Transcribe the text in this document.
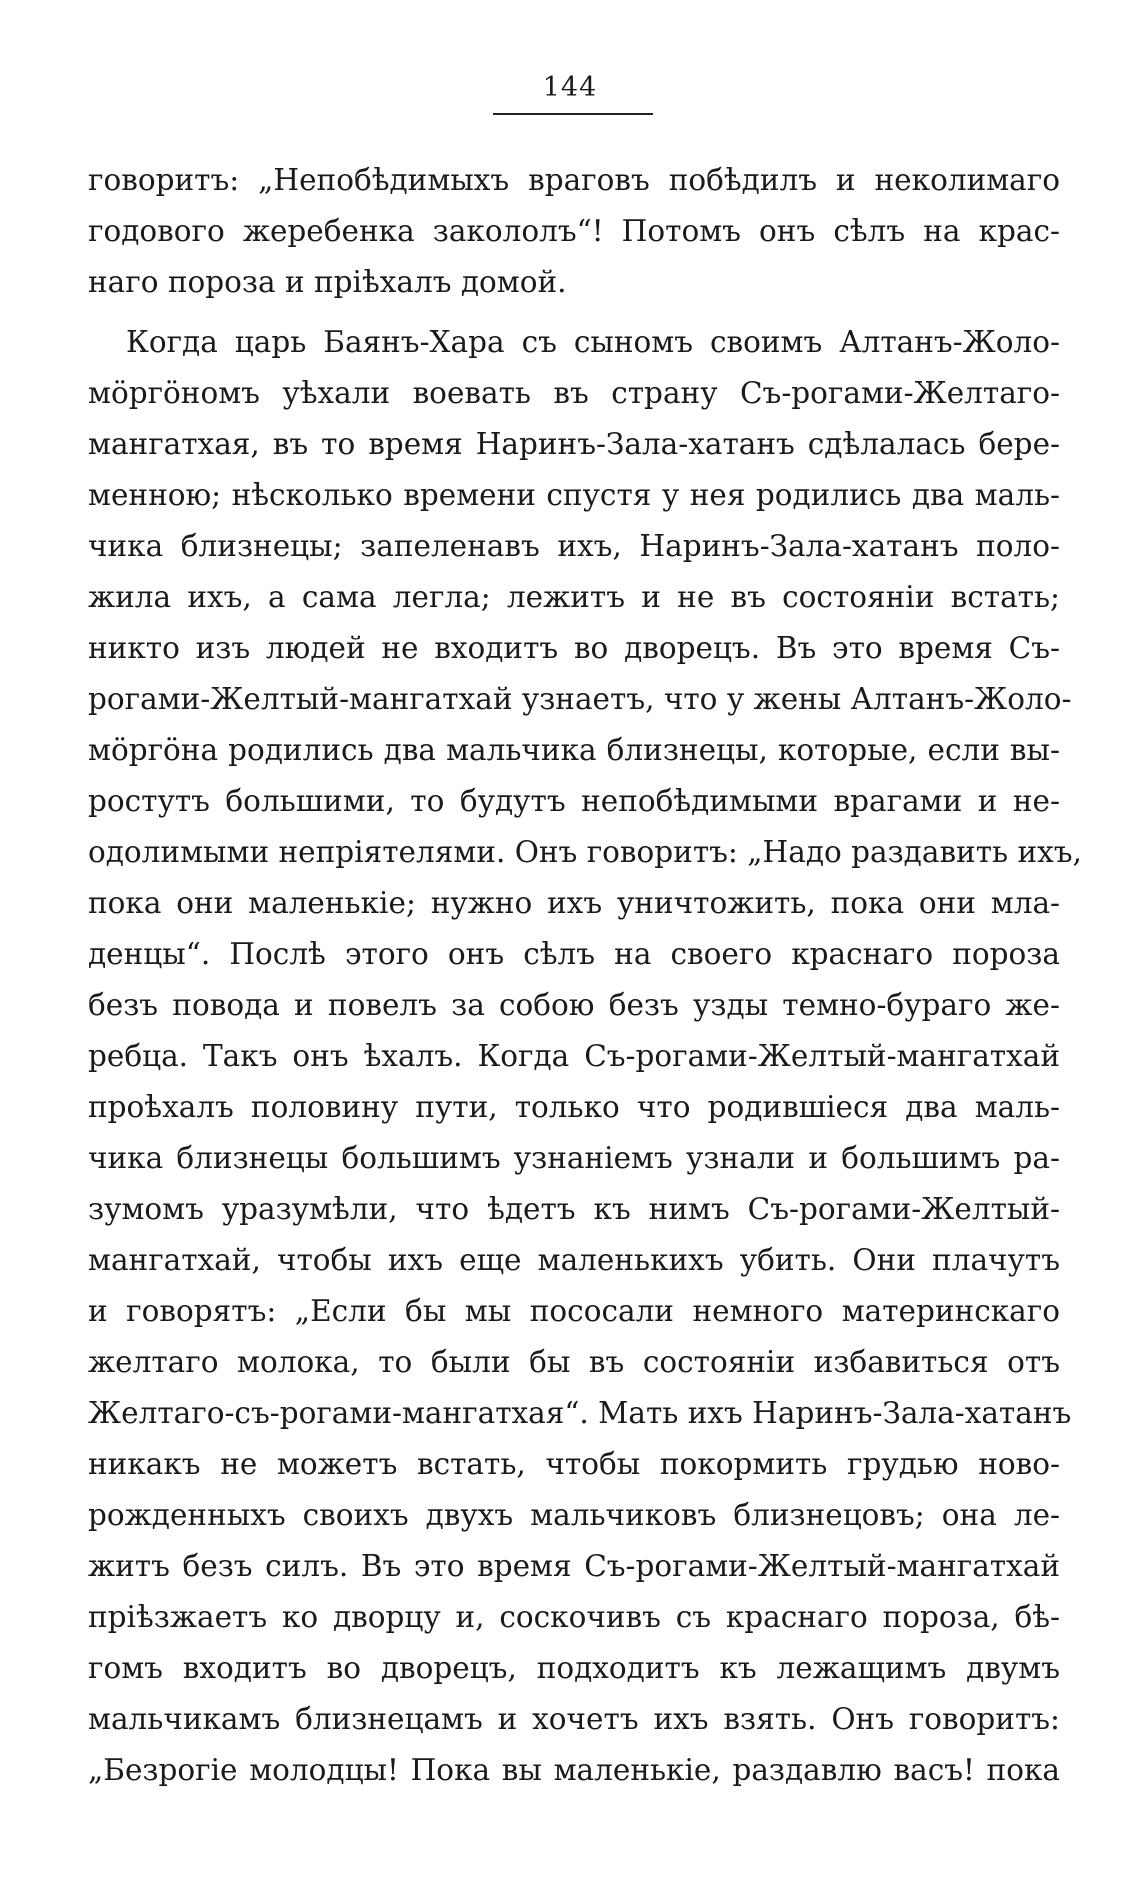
144
говоритъ: „Непобѣдимыхъ враговъ побѣдилъ и неколимаго
годового жеребенка заколoлъ“! Потомъ онъ сѣлъ на крас-
наго пороза и пріѣхалъ домой.
Когда царь Баянъ-Хара съ сыномъ своимъ Алтанъ-Жоло-
мöргöномъ уѣхали воевать въ страну Съ-рогами-Желтаго-
мангатхая, въ то время Наринъ-Зала-хатанъ сдѣлалась бере-
менною; нѣсколько времени спустя у нея родились два маль-
чика близнецы; запеленавъ ихъ, Наринъ-Зала-хатанъ поло-
жила ихъ, а сама легла; лежитъ и не въ состояніи встать;
никто изъ людей не входитъ во дворецъ. Въ это время Съ-
рогами-Желтый-мангатхай узнаетъ, что у жены Алтанъ-Жоло-
мöргöна родились два мальчика близнецы, которые, если вы-
ростутъ большими, то будутъ непобѣдимыми врагами и не-
одолимыми непріятелями. Онъ говоритъ: „Надо раздавить ихъ,
пока они маленькіе; нужно ихъ уничтожить, пока они мла-
денцы“. Послѣ этого онъ сѣлъ на своего краснаго пороза
безъ повода и повелъ за собою безъ узды темно-бураго же-
ребца. Такъ онъ ѣхалъ. Когда Съ-рогами-Желтый-мангатхай
проѣхалъ половину пути, только что родившіеся два маль-
чика близнецы большимъ узнаніемъ узнали и большимъ ра-
зумомъ уразумѣли, что ѣдетъ къ нимъ Съ-рогами-Желтый-
мангатхай, чтобы ихъ еще маленькихъ убить. Они плачутъ
и говорятъ: „Если бы мы пососали немного материнскаго
желтаго молока, то были бы въ состояніи избавиться отъ
Желтаго-съ-рогами-мангатхая“. Мать ихъ Наринъ-Зала-хатанъ
никакъ не можетъ встать, чтобы покормить грудью ново-
рожденныхъ своихъ двухъ мальчиковъ близнецовъ; она ле-
житъ безъ силъ. Въ это время Съ-рогами-Желтый-мангатхай
пріѣзжаетъ ко дворцу и, соскочивъ съ краснаго пороза, бѣ-
гомъ входитъ во дворецъ, подходитъ къ лежащимъ двумъ
мальчикамъ близнецамъ и хочетъ ихъ взять. Онъ говоритъ:
„Безрогіе молодцы! Пока вы маленькіе, раздавлю васъ! пока
